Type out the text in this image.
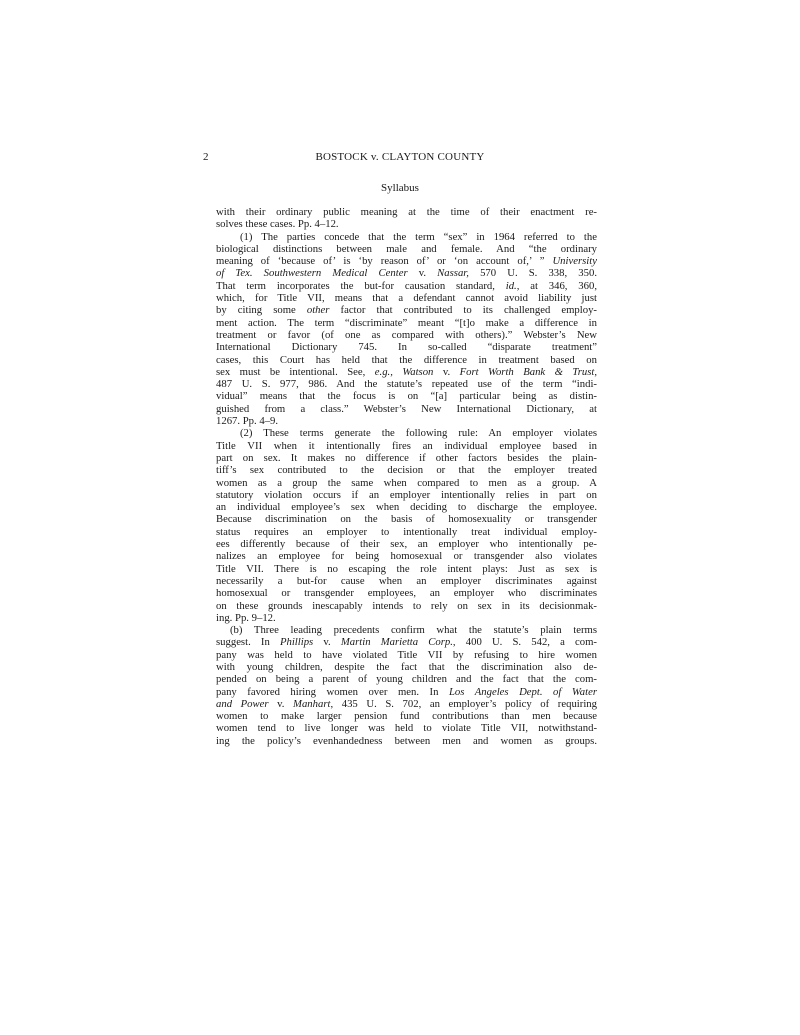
2	BOSTOCK v. CLAYTON COUNTY
Syllabus
with their ordinary public meaning at the time of their enactment re-
solves these cases. Pp. 4–12.
(1) The parties concede that the term “sex” in 1964 referred to the
biological distinctions between male and female. And “the ordinary
meaning of ‘because of’ is ‘by reason of’ or ‘on account of,’ ” University
of Tex. Southwestern Medical Center v. Nassar, 570 U. S. 338, 350.
That term incorporates the but-for causation standard, id., at 346, 360,
which, for Title VII, means that a defendant cannot avoid liability just
by citing some other factor that contributed to its challenged employ-
ment action. The term “discriminate” meant “[t]o make a difference in
treatment or favor (of one as compared with others).” Webster’s New
International Dictionary 745. In so-called “disparate treatment”
cases, this Court has held that the difference in treatment based on
sex must be intentional. See, e.g., Watson v. Fort Worth Bank & Trust,
487 U. S. 977, 986. And the statute’s repeated use of the term “indi-
vidual” means that the focus is on “[a] particular being as distin-
guished from a class.” Webster’s New International Dictionary, at
1267. Pp. 4–9.
(2) These terms generate the following rule: An employer violates
Title VII when it intentionally fires an individual employee based in
part on sex. It makes no difference if other factors besides the plain-
tiff’s sex contributed to the decision or that the employer treated
women as a group the same when compared to men as a group. A
statutory violation occurs if an employer intentionally relies in part on
an individual employee’s sex when deciding to discharge the employee.
Because discrimination on the basis of homosexuality or transgender
status requires an employer to intentionally treat individual employ-
ees differently because of their sex, an employer who intentionally pe-
nalizes an employee for being homosexual or transgender also violates
Title VII. There is no escaping the role intent plays: Just as sex is
necessarily a but-for cause when an employer discriminates against
homosexual or transgender employees, an employer who discriminates
on these grounds inescapably intends to rely on sex in its decisionmak-
ing. Pp. 9–12.
(b) Three leading precedents confirm what the statute’s plain terms
suggest. In Phillips v. Martin Marietta Corp., 400 U. S. 542, a com-
pany was held to have violated Title VII by refusing to hire women
with young children, despite the fact that the discrimination also de-
pended on being a parent of young children and the fact that the com-
pany favored hiring women over men. In Los Angeles Dept. of Water
and Power v. Manhart, 435 U. S. 702, an employer’s policy of requiring
women to make larger pension fund contributions than men because
women tend to live longer was held to violate Title VII, notwithstand-
ing the policy’s evenhandedness between men and women as groups.
